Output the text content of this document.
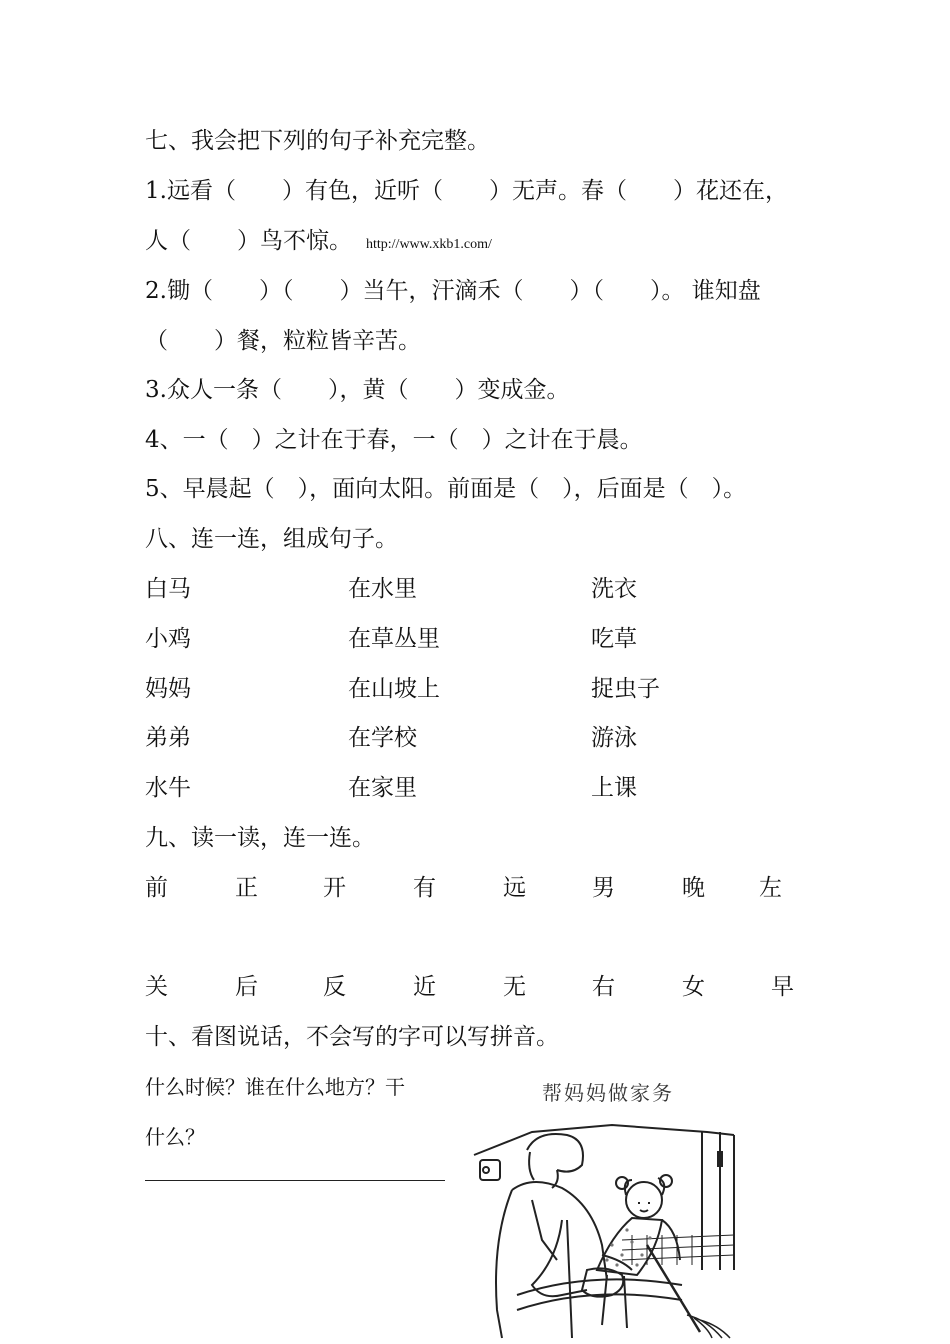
七、我会把下列的句子补充完整。
1.远看（　　）有色，近听（　　）无声。春（　　）花还在，
人（　　）鸟不惊。 http://www.xkb1.com/
2.锄（　　）（　　）当午，汗滴禾（　　）（　　）。 谁知盘
（　　）餐，粒粒皆辛苦。
3.众人一条（　　），黄（　　）变成金。
4、一（　）之计在于春，一（　）之计在于晨。
5、早晨起（　），面向太阳。前面是（　），后面是（　）。
八、连一连，组成句子。
白马	在水里	洗衣
小鸡	在草丛里	吃草
妈妈	在山坡上	捉虫子
弟弟	在学校	游泳
水牛	在家里	上课
九、读一读，连一连。
前	正	开	有	远	男	晚 左
关	后	反	近	无	右	女	早
十、看图说话，不会写的字可以写拼音。
什么时候？谁在什么地方？干
什么？
帮妈妈做家务
